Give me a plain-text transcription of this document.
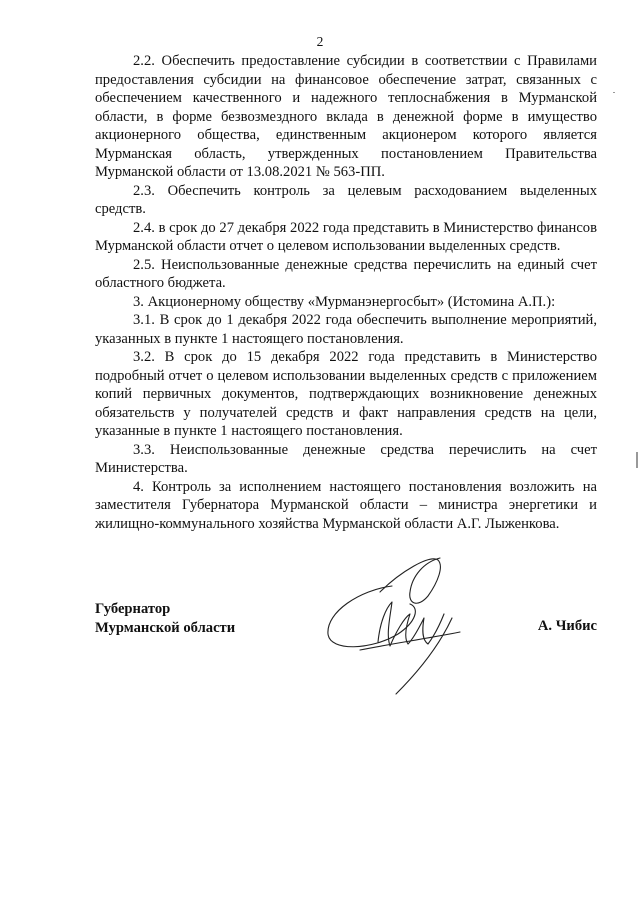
2

2.2. Обеспечить предоставление субсидии в соответствии с Правилами предоставления субсидии на финансовое обеспечение затрат, связанных с обеспечением качественного и надежного теплоснабжения в Мурманской области, в форме безвозмездного вклада в денежной форме в имущество акционерного общества, единственным акционером которого является Мурманская область, утвержденных постановлением Правительства Мурманской области от 13.08.2021 № 563-ПП.

2.3. Обеспечить контроль за целевым расходованием выделенных средств.

2.4. в срок до 27 декабря 2022 года представить в Министерство финансов Мурманской области отчет о целевом использовании выделенных средств.

2.5. Неиспользованные денежные средства перечислить на единый счет областного бюджета.

3. Акционерному обществу «Мурманэнергосбыт» (Истомина А.П.):

3.1. В срок до 1 декабря 2022 года обеспечить выполнение мероприятий, указанных в пункте 1 настоящего постановления.

3.2. В срок до 15 декабря 2022 года представить в Министерство подробный отчет о целевом использовании выделенных средств с приложением копий первичных документов, подтверждающих возникновение денежных обязательств у получателей средств и факт направления средств на цели, указанные в пункте 1 настоящего постановления.

3.3. Неиспользованные денежные средства перечислить на счет Министерства.

4. Контроль за исполнением настоящего постановления возложить на заместителя Губернатора Мурманской области – министра энергетики и жилищно-коммунального хозяйства Мурманской области А.Г. Лыженкова.

Губернатор
Мурманской области	А. Чибис
